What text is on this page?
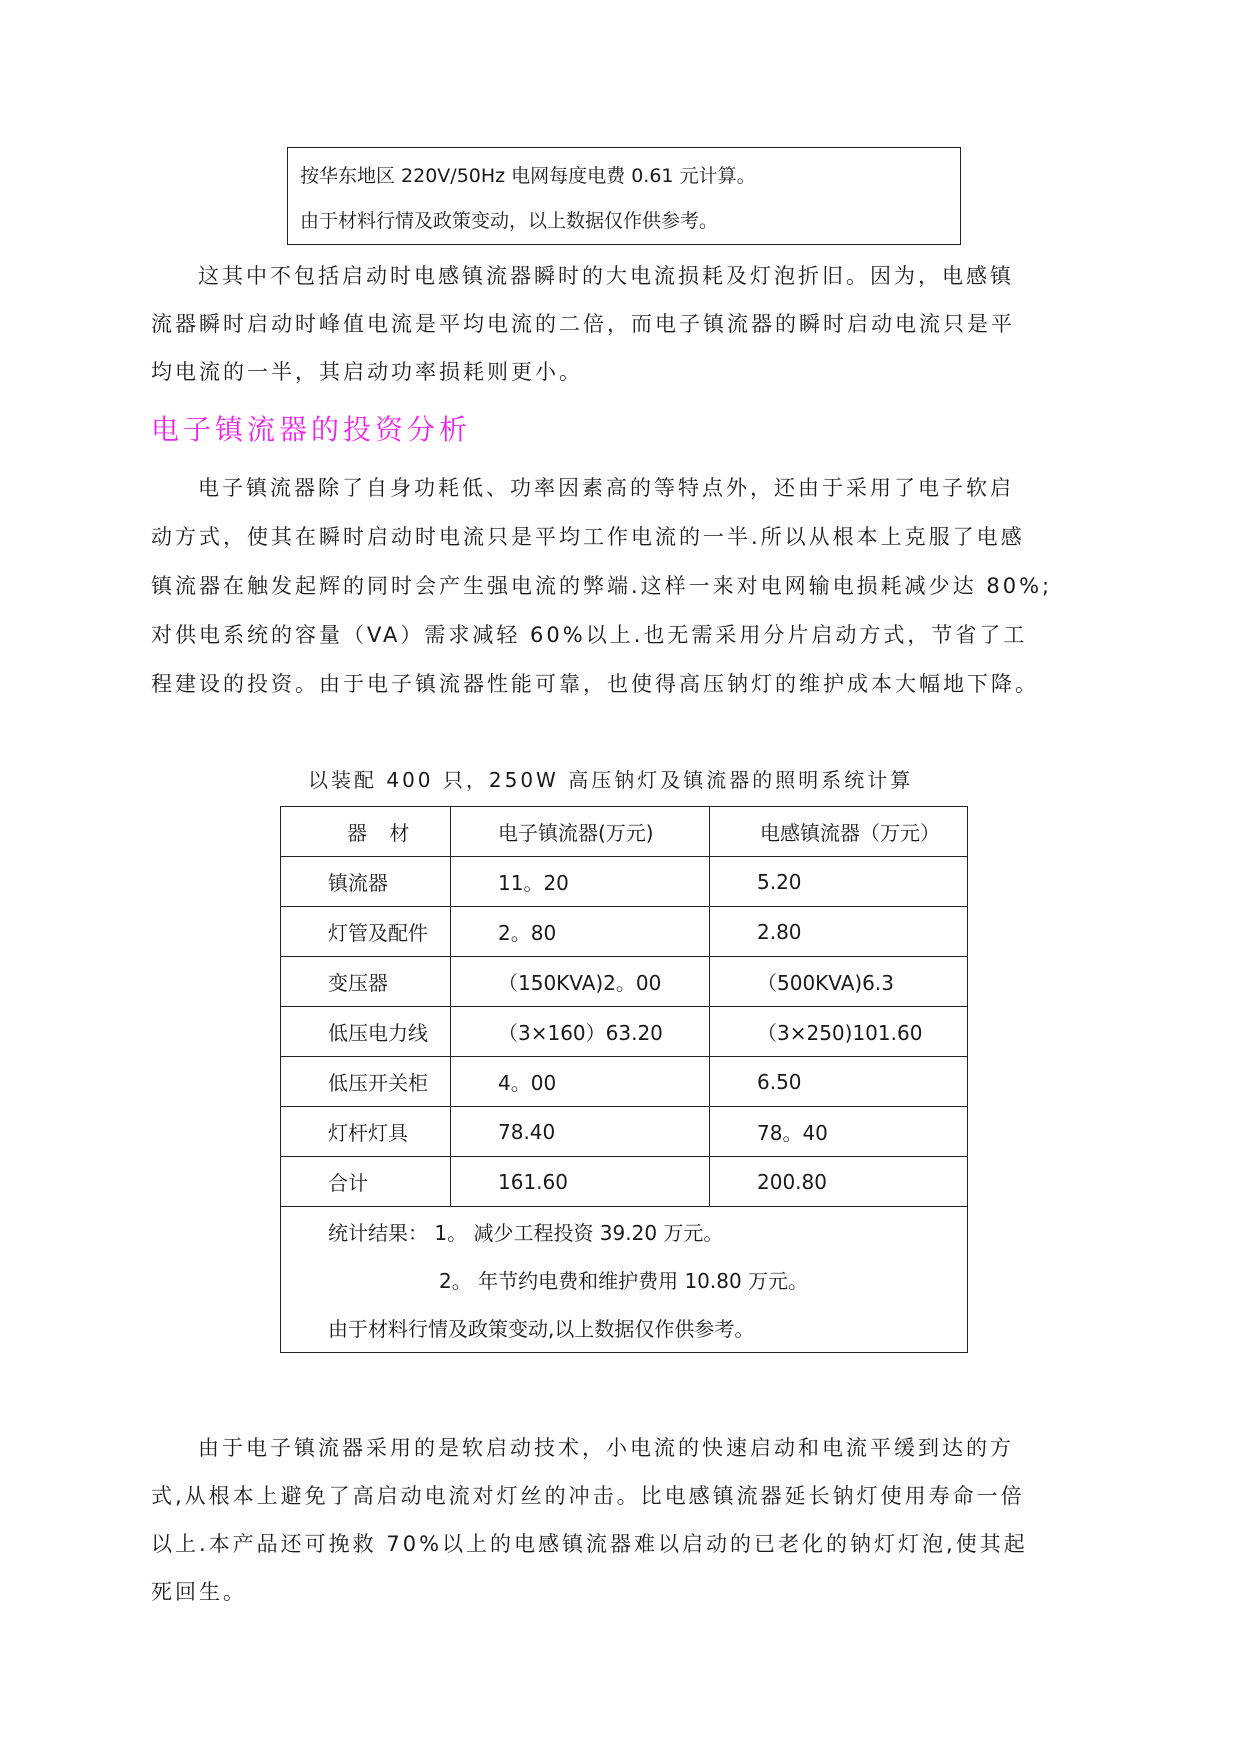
按华东地区 220V/50Hz 电网每度电费 0.61 元计算。
由于材料行情及政策变动，以上数据仅作供参考。
这其中不包括启动时电感镇流器瞬时的大电流损耗及灯泡折旧。因为，电感镇
流器瞬时启动时峰值电流是平均电流的二倍，而电子镇流器的瞬时启动电流只是平
均电流的一半，其启动功率损耗则更小。
电子镇流器的投资分析
电子镇流器除了自身功耗低、功率因素高的等特点外，还由于采用了电子软启
动方式，使其在瞬时启动时电流只是平均工作电流的一半.所以从根本上克服了电感
镇流器在触发起辉的同时会产生强电流的弊端.这样一来对电网输电损耗减少达 80%;
对供电系统的容量（VA）需求减轻 60%以上.也无需采用分片启动方式，节省了工
程建设的投资。由于电子镇流器性能可靠，也使得高压钠灯的维护成本大幅地下降。
以装配 400 只，250W 高压钠灯及镇流器的照明系统计算
器 材	电子镇流器(万元)	电感镇流器（万元）
镇流器	11。20	5.20
灯管及配件	2。80	2.80
变压器	（150KVA)2。00	（500KVA)6.3
低压电力线	（3×160）63.20	（3×250)101.60
低压开关柜	4。00	6.50
灯杆灯具	78.40	78。40
合计	161.60	200.80

统计结果： 1。 减少工程投资 39.20 万元。
2。 年节约电费和维护费用 10.80 万元。
由于材料行情及政策变动,以上数据仅作供参考。		
由于电子镇流器采用的是软启动技术，小电流的快速启动和电流平缓到达的方
式,从根本上避免了高启动电流对灯丝的冲击。比电感镇流器延长钠灯使用寿命一倍
以上.本产品还可挽救 70%以上的电感镇流器难以启动的已老化的钠灯灯泡,使其起
死回生。
